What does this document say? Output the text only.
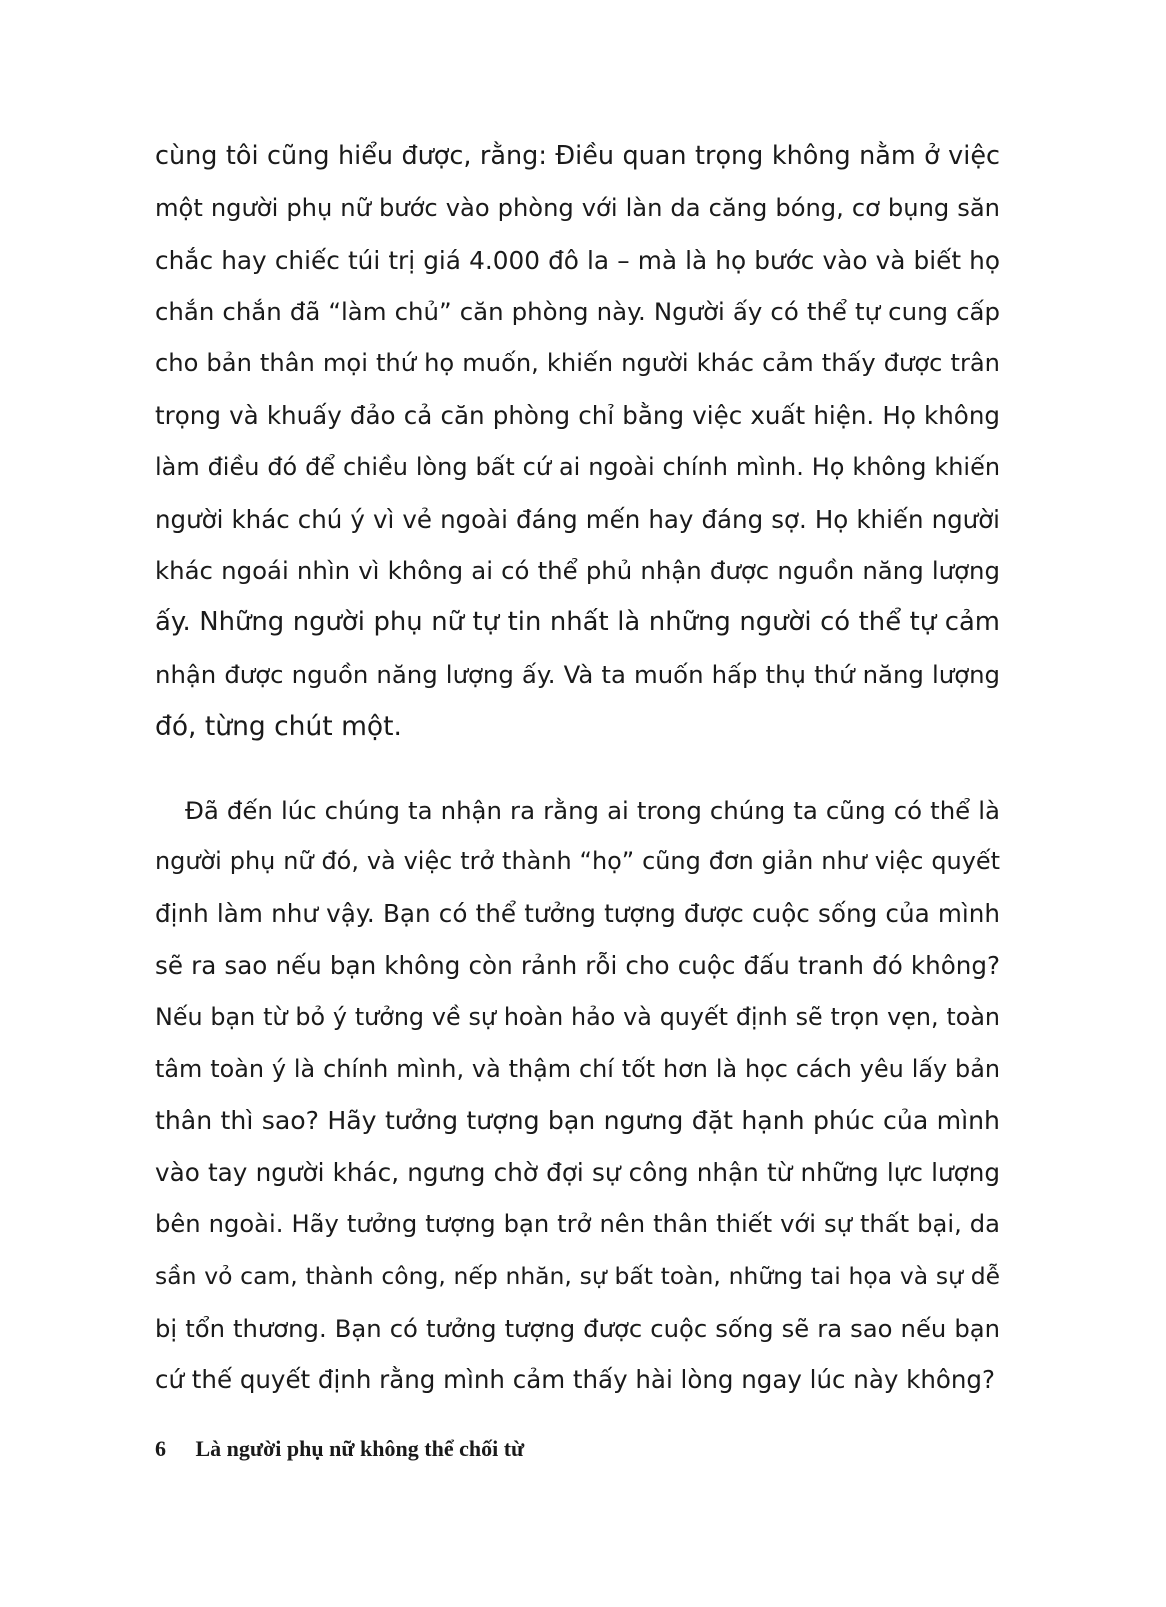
cùng tôi cũng hiểu được, rằng: Điều quan trọng không nằm ở việc
một người phụ nữ bước vào phòng với làn da căng bóng, cơ bụng săn
chắc hay chiếc túi trị giá 4.000 đô la – mà là họ bước vào và biết họ
chắn chắn đã “làm chủ” căn phòng này. Người ấy có thể tự cung cấp
cho bản thân mọi thứ họ muốn, khiến người khác cảm thấy được trân
trọng và khuấy đảo cả căn phòng chỉ bằng việc xuất hiện. Họ không
làm điều đó để chiều lòng bất cứ ai ngoài chính mình. Họ không khiến
người khác chú ý vì vẻ ngoài đáng mến hay đáng sợ. Họ khiến người
khác ngoái nhìn vì không ai có thể phủ nhận được nguồn năng lượng
ấy. Những người phụ nữ tự tin nhất là những người có thể tự cảm
nhận được nguồn năng lượng ấy. Và ta muốn hấp thụ thứ năng lượng
đó, từng chút một.
Đã đến lúc chúng ta nhận ra rằng ai trong chúng ta cũng có thể là
người phụ nữ đó, và việc trở thành “họ” cũng đơn giản như việc quyết
định làm như vậy. Bạn có thể tưởng tượng được cuộc sống của mình
sẽ ra sao nếu bạn không còn rảnh rỗi cho cuộc đấu tranh đó không?
Nếu bạn từ bỏ ý tưởng về sự hoàn hảo và quyết định sẽ trọn vẹn, toàn
tâm toàn ý là chính mình, và thậm chí tốt hơn là học cách yêu lấy bản
thân thì sao? Hãy tưởng tượng bạn ngưng đặt hạnh phúc của mình
vào tay người khác, ngưng chờ đợi sự công nhận từ những lực lượng
bên ngoài. Hãy tưởng tượng bạn trở nên thân thiết với sự thất bại, da
sần vỏ cam, thành công, nếp nhăn, sự bất toàn, những tai họa và sự dễ
bị tổn thương. Bạn có tưởng tượng được cuộc sống sẽ ra sao nếu bạn
cứ thế quyết định rằng mình cảm thấy hài lòng ngay lúc này không?
6 Là người phụ nữ không thể chối từ
